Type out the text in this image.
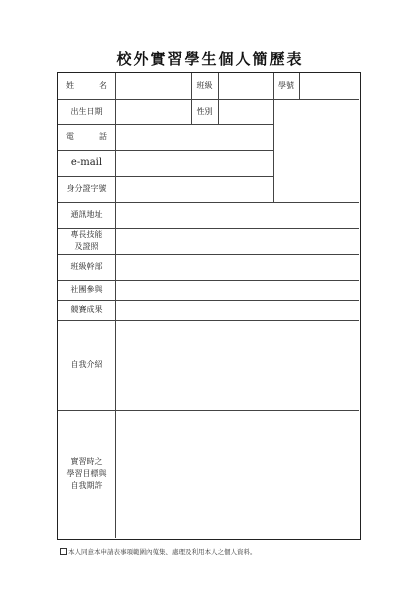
校外實習學生個人簡歷表
姓	名	班級	學號
出生日期	性別
電	話
e-mail
身分證字號
通訊地址
專長技能
及證照
班級幹部
社團參與
競賽成果
自我介紹
實習時之
學習目標與
自我期許
本人同意本申請表事項範圍內蒐集、處理及利用本人之個人資料。
